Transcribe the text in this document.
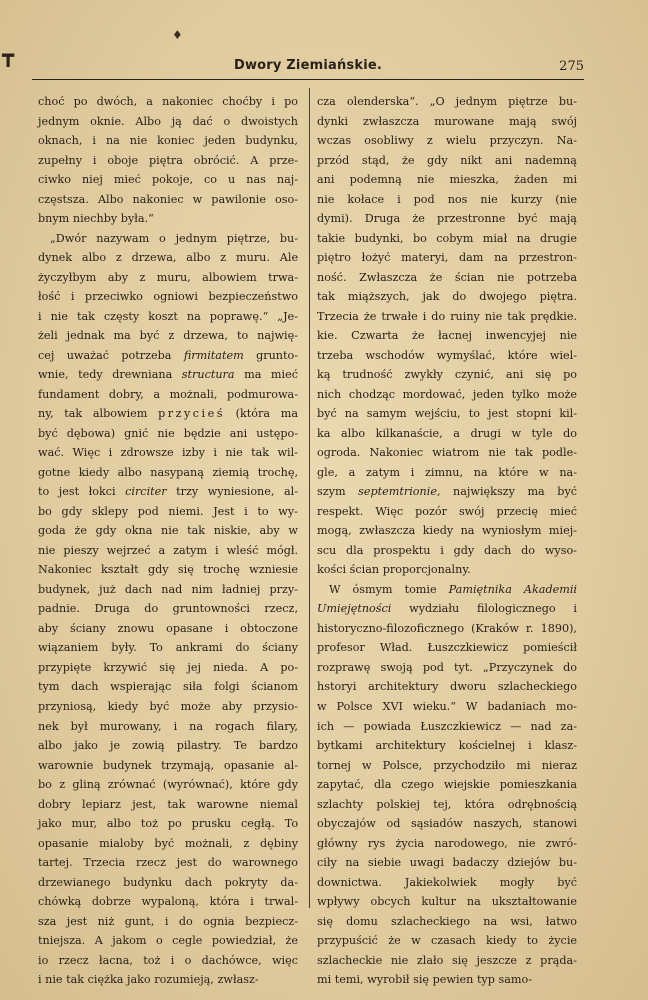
┳
♦
Dwory Ziemiańskie.	275
choć po dwóch, a nakoniec choćby i po
jednym oknie. Albo ją dać o dwoistych
oknach, i na nie koniec jeden budynku,
zupełny i oboje piętra obrócić. A prze-
ciwko niej mieć pokoje, co u nas naj-
częstsza. Albo nakoniec w pawilonie oso-
bnym niechby była.“
„Dwór nazywam o jednym piętrze, bu-
dynek albo z drzewa, albo z muru. Ale
życzyłbym aby z muru, albowiem trwa-
łość i przeciwko ogniowi bezpieczeństwo
i nie tak częsty koszt na poprawę.“ „Je-
żeli jednak ma być z drzewa, to najwię-
cej uważać potrzeba firmitatem grunto-
wnie, tedy drewniana structura ma mieć
fundament dobry, a możnali, podmurowa-
ny, tak albowiem przycieś (która ma
być dębowa) gnić nie będzie ani ustępo-
wać. Więc i zdrowsze izby i nie tak wil-
gotne kiedy albo nasypaną ziemią trochę,
to jest łokci circiter trzy wyniesione, al-
bo gdy sklepy pod niemi. Jest i to wy-
goda że gdy okna nie tak niskie, aby w
nie pieszy wejrzeć a zatym i wleść mógł.
Nakoniec kształt gdy się trochę wzniesie
budynek, już dach nad nim ładniej przy-
padnie. Druga do gruntowności rzecz,
aby ściany znowu opasane i obtoczone
wiązaniem były. To ankrami do ściany
przypięte krzywić się jej nieda. A po-
tym dach wspierając siła folgi ścianom
przyniosą, kiedy być może aby przysio-
nek był murowany, i na rogach filary,
albo jako je zowią pilastry. Te bardzo
warownie budynek trzymają, opasanie al-
bo z gliną zrównać (wyrównać), które gdy
dobry lepiarz jest, tak warowne niemal
jako mur, albo toż po prusku cegłą. To
opasanie mialoby być możnali, z dębiny
tartej. Trzecia rzecz jest do warownego
drzewianego budynku dach pokryty da-
chówką dobrze wypaloną, która i trwal-
sza jest niż gunt, i do ognia bezpiecz-
tniejsza. A jakom o cegle powiedział, że
io rzecz łacna, toż i o dachówce, więc
i nie tak ciężka jako rozumieją, zwłasz-
cza olenderska“. „O jednym piętrze bu-
dynki zwłaszcza murowane mają swój
wczas osobliwy z wielu przyczyn. Na-
przód stąd, że gdy nikt ani nademną
ani podemną nie mieszka, żaden mi
nie kołace i pod nos nie kurzy (nie
dymi). Druga że przestronne być mają
takie budynki, bo cobym miał na drugie
piętro łożyć materyi, dam na przestron-
ność. Zwłaszcza że ścian nie potrzeba
tak miąższych, jak do dwojego piętra.
Trzecia że trwałe i do ruiny nie tak prędkie.
kie. Czwarta że łacnej inwencyjej nie
trzeba wschodów wymyślać, które wiel-
ką trudność zwykły czynić, ani się po
nich chodząc mordować, jeden tylko może
być na samym wejściu, to jest stopni kil-
ka albo kilkanaście, a drugi w tyle do
ogroda. Nakoniec wiatrom nie tak podle-
gle, a zatym i zimnu, na które w na-
szym septemtrionie, największy ma być
respekt. Więc pozór swój przecię mieć
mogą, zwłaszcza kiedy na wyniosłym miej-
scu dla prospektu i gdy dach do wyso-
kości ścian proporcjonalny.
W ósmym tomie Pamiętnika Akademii
Umiejętności wydziału filologicznego i
historyczno-filozoficznego (Kraków r. 1890),
profesor Wład. Łuszczkiewicz pomieścił
rozprawę swoją pod tyt. „Przyczynek do
hstoryi architektury dworu szlacheckiego
w Polsce XVI wieku.“ W badaniach mo-
ich — powiada Łuszczkiewicz — nad za-
bytkami architektury kościelnej i klasz-
tornej w Polsce, przychodziło mi nieraz
zapytać, dla czego wiejskie pomieszkania
szlachty polskiej tej, która odrębnością
obyczajów od sąsiadów naszych, stanowi
główny rys życia narodowego, nie zwró-
ciły na siebie uwagi badaczy dziejów bu-
downictwa. Jakiekolwiek mogły być
wpływy obcych kultur na ukształtowanie
się domu szlacheckiego na wsi, łatwo
przypuścić że w czasach kiedy to życie
szlacheckie nie zlało się jeszcze z prąda-
mi temi, wyrobił się pewien typ samo-
